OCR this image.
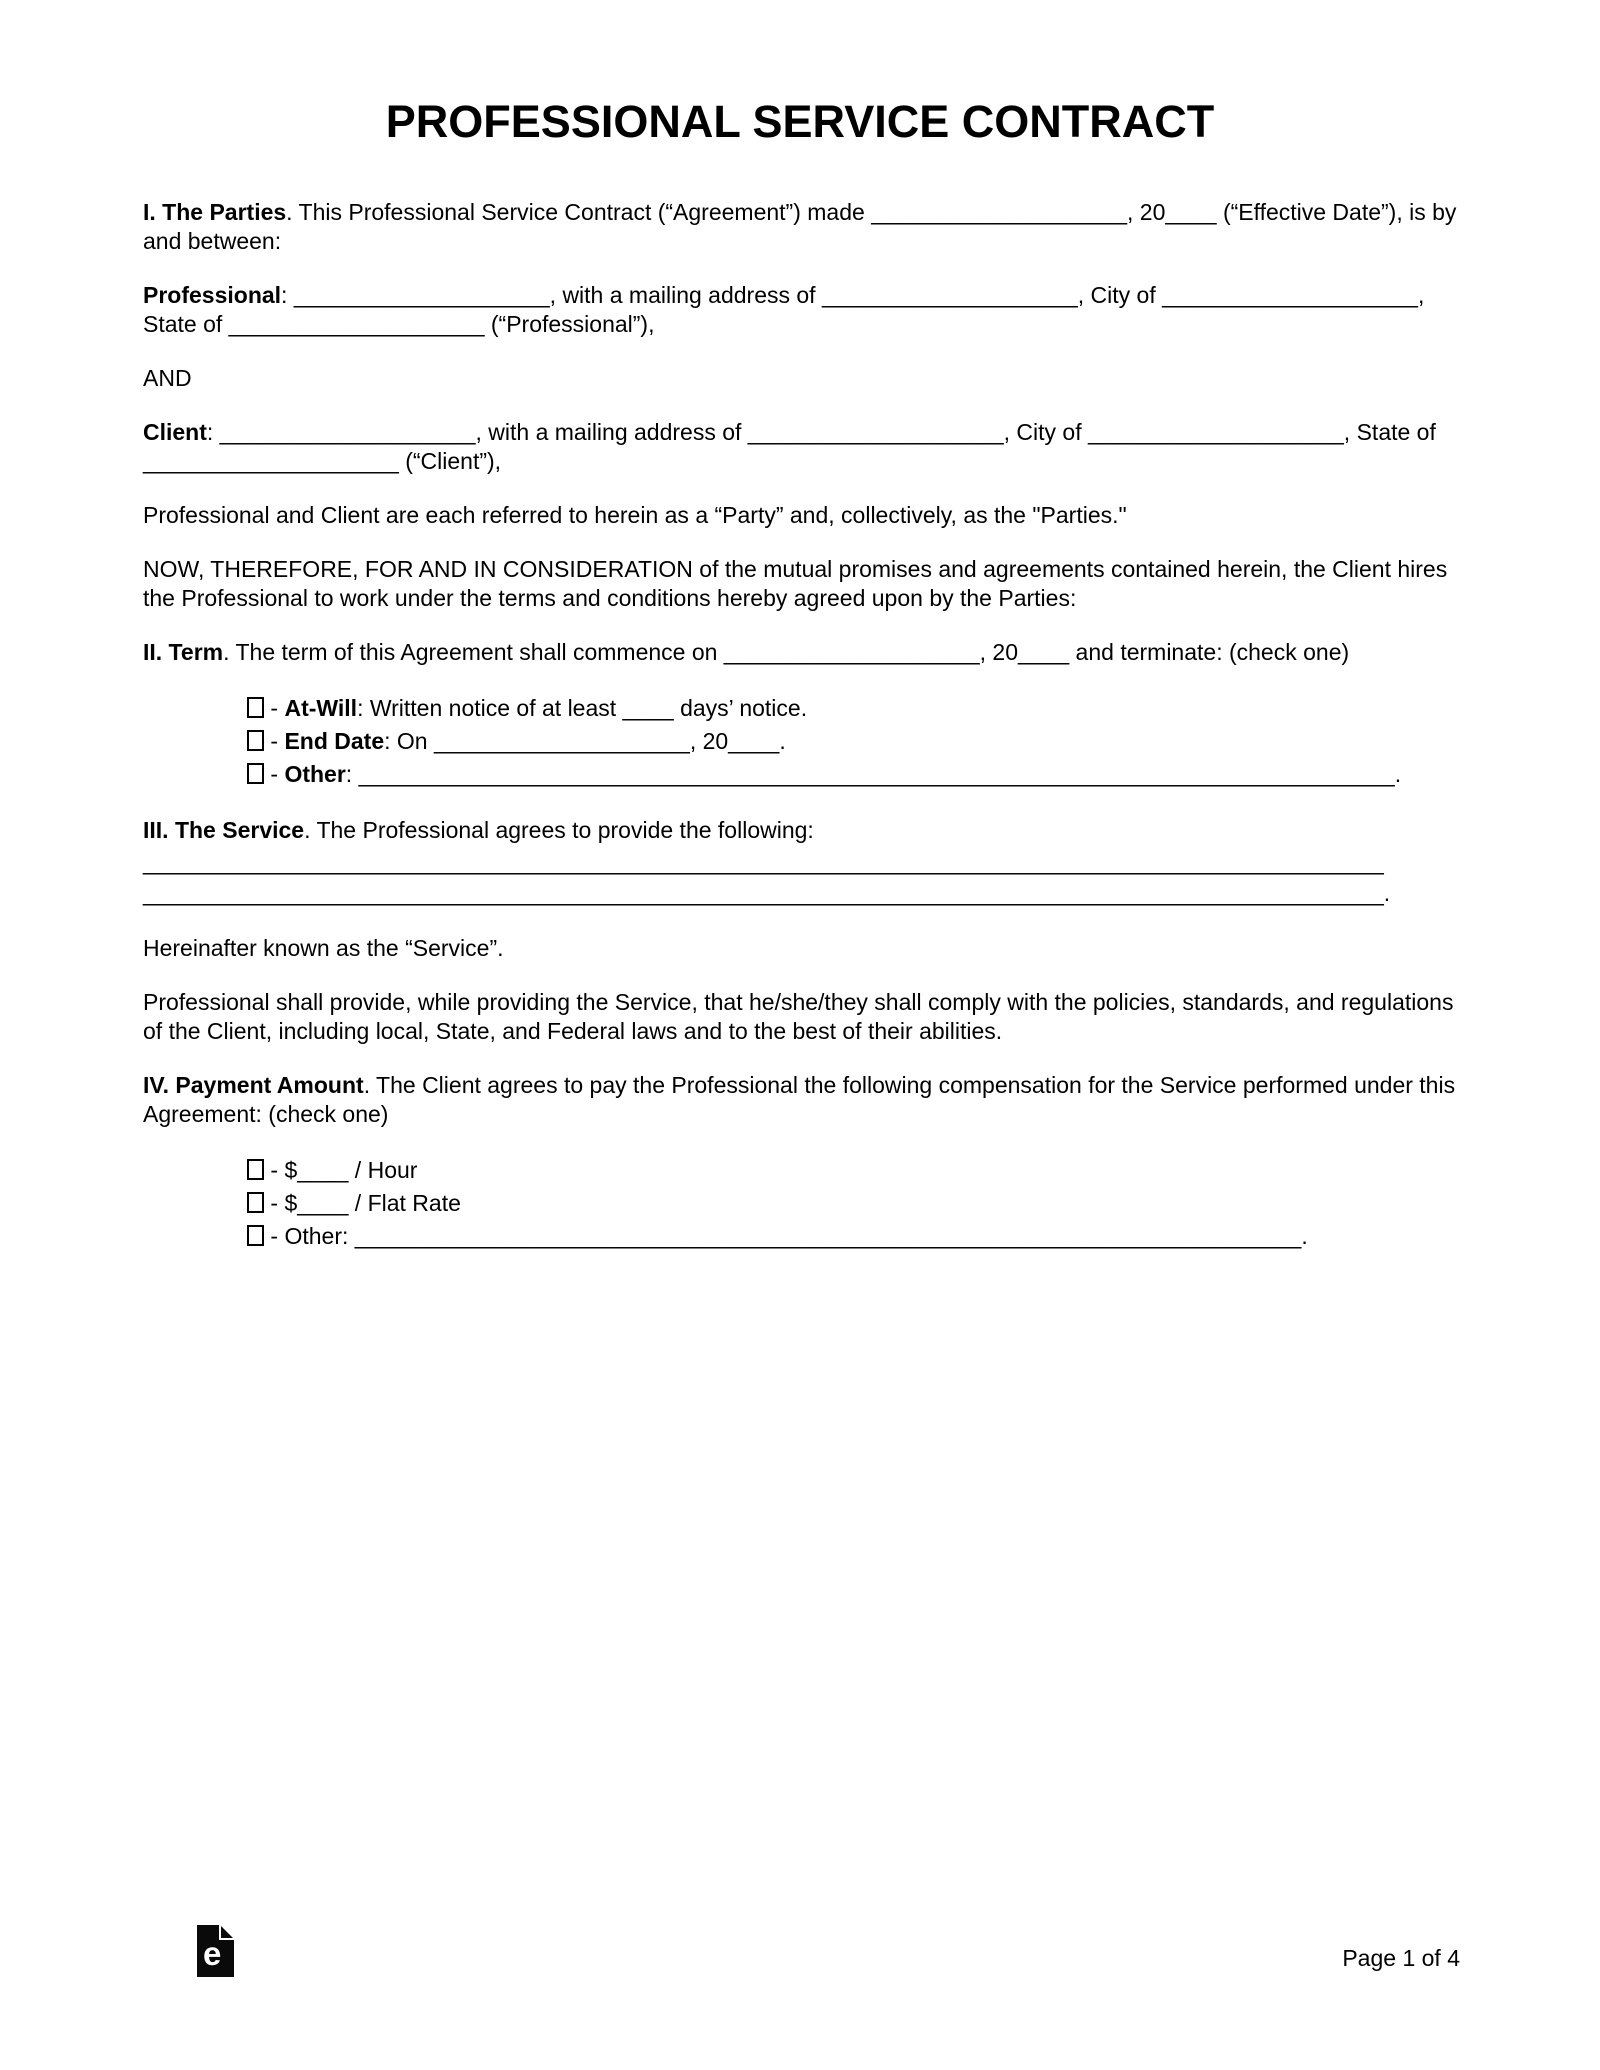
PROFESSIONAL SERVICE CONTRACT

I. The Parties. This Professional Service Contract (“Agreement”) made ____________________, 20____ (“Effective Date”), is by and between:

Professional: ____________________, with a mailing address of ____________________, City of ____________________, State of ____________________ (“Professional”),

AND

Client: ____________________, with a mailing address of ____________________, City of ____________________, State of ____________________ (“Client”),

Professional and Client are each referred to herein as a “Party” and, collectively, as the "Parties."

NOW, THEREFORE, FOR AND IN CONSIDERATION of the mutual promises and agreements contained herein, the Client hires the Professional to work under the terms and conditions hereby agreed upon by the Parties:

II. Term. The term of this Agreement shall commence on ____________________, 20____ and terminate: (check one)

- At-Will: Written notice of at least ____ days’ notice.
- End Date: On ____________________, 20____.
- Other: _________________________________________________________________________________.

III. The Service. The Professional agrees to provide the following:

_________________________________________________________________________________________________
_________________________________________________________________________________________________.

Hereinafter known as the “Service”.

Professional shall provide, while providing the Service, that he/she/they shall comply with the policies, standards, and regulations of the Client, including local, State, and Federal laws and to the best of their abilities.

IV. Payment Amount. The Client agrees to pay the Professional the following compensation for the Service performed under this Agreement: (check one)

- $____ / Hour
- $____ / Flat Rate
- Other: __________________________________________________________________________.
e	Page 1 of 4
